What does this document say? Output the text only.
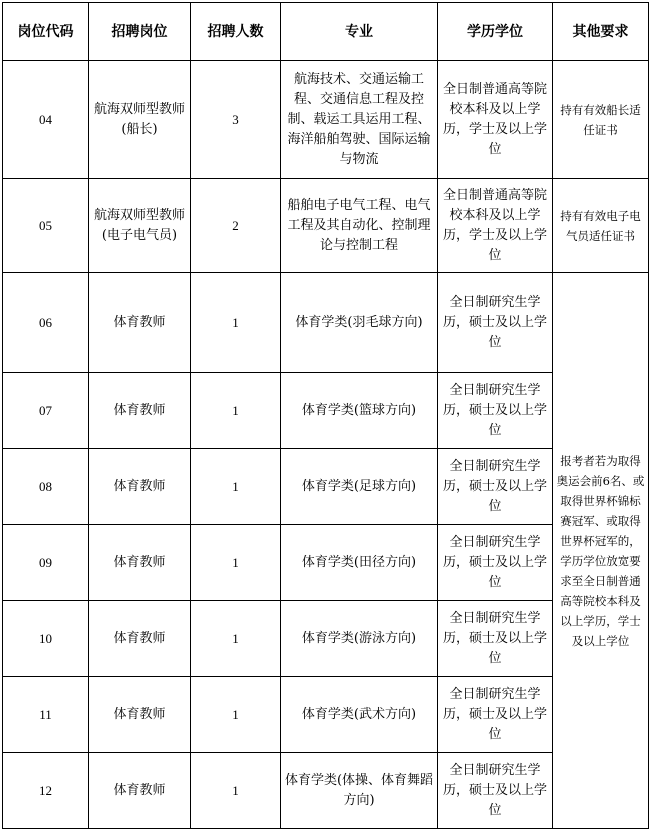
岗位代码	招聘岗位	招聘人数	专业	学历学位	其他要求
04	航海双师型教师(船长)	3	航海技术、交通运输工程、交通信息工程及控制、载运工具运用工程、海洋船舶驾驶、国际运输与物流	全日制普通高等院校本科及以上学历，学士及以上学位	持有有效船长适任证书
05	航海双师型教师(电子电气员)	2	船舶电子电气工程、电气工程及其自动化、控制理论与控制工程	全日制普通高等院校本科及以上学历，学士及以上学位	持有有效电子电气员适任证书
06	体育教师	1	体育学类(羽毛球方向)	全日制研究生学历，硕士及以上学位	报考者若为取得奥运会前6名、或取得世界杯锦标赛冠军、或取得世界杯冠军的，学历学位放宽要求至全日制普通高等院校本科及以上学历，学士及以上学位
07	体育教师	1	体育学类(篮球方向)	全日制研究生学历，硕士及以上学位	
08	体育教师	1	体育学类(足球方向)	全日制研究生学历，硕士及以上学位	
09	体育教师	1	体育学类(田径方向)	全日制研究生学历，硕士及以上学位	
10	体育教师	1	体育学类(游泳方向)	全日制研究生学历，硕士及以上学位	
11	体育教师	1	体育学类(武术方向)	全日制研究生学历，硕士及以上学位	
12	体育教师	1	体育学类(体操、体育舞蹈方向)	全日制研究生学历，硕士及以上学位	
